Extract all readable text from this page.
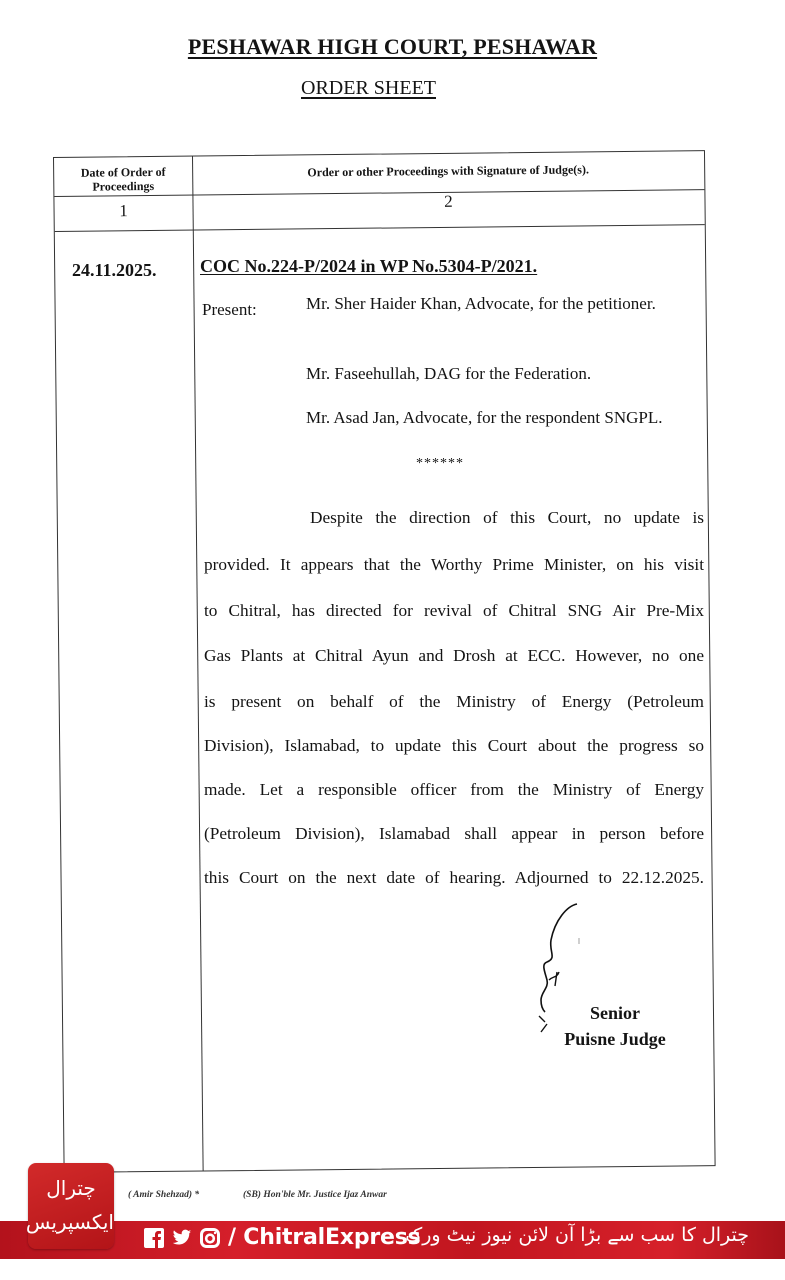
PESHAWAR HIGH COURT, PESHAWAR
ORDER SHEET
Date of Order of
Proceedings
Order or other Proceedings with Signature of Judge(s).
1	2
24.11.2025. COC No.224-P/2024 in WP No.5304-P/2021.
Present:	Mr. Sher Haider Khan, Advocate, for the petitioner.
Mr. Faseehullah, DAG for the Federation.
Mr. Asad Jan, Advocate, for the respondent SNGPL.
******
Despite the direction of this Court, no update is
provided. It appears that the Worthy Prime Minister, on his visit
to Chitral, has directed for revival of Chitral SNG Air Pre-Mix
Gas Plants at Chitral Ayun and Drosh at ECC. However, no one
is present on behalf of the Ministry of Energy (Petroleum
Division), Islamabad, to update this Court about the progress so
made. Let a responsible officer from the Ministry of Energy
(Petroleum Division), Islamabad shall appear in person before
this Court on the next date of hearing. Adjourned to 22.12.2025.
Senior
Puisne Judge
( Amir Shehzad) *	(SB) Hon'ble Mr. Justice Ijaz Anwar
/ ChitralExpress
چترال کا سب سے بڑا آن لائن نیوز نیٹ ورک
چترال
ایکسپریس
